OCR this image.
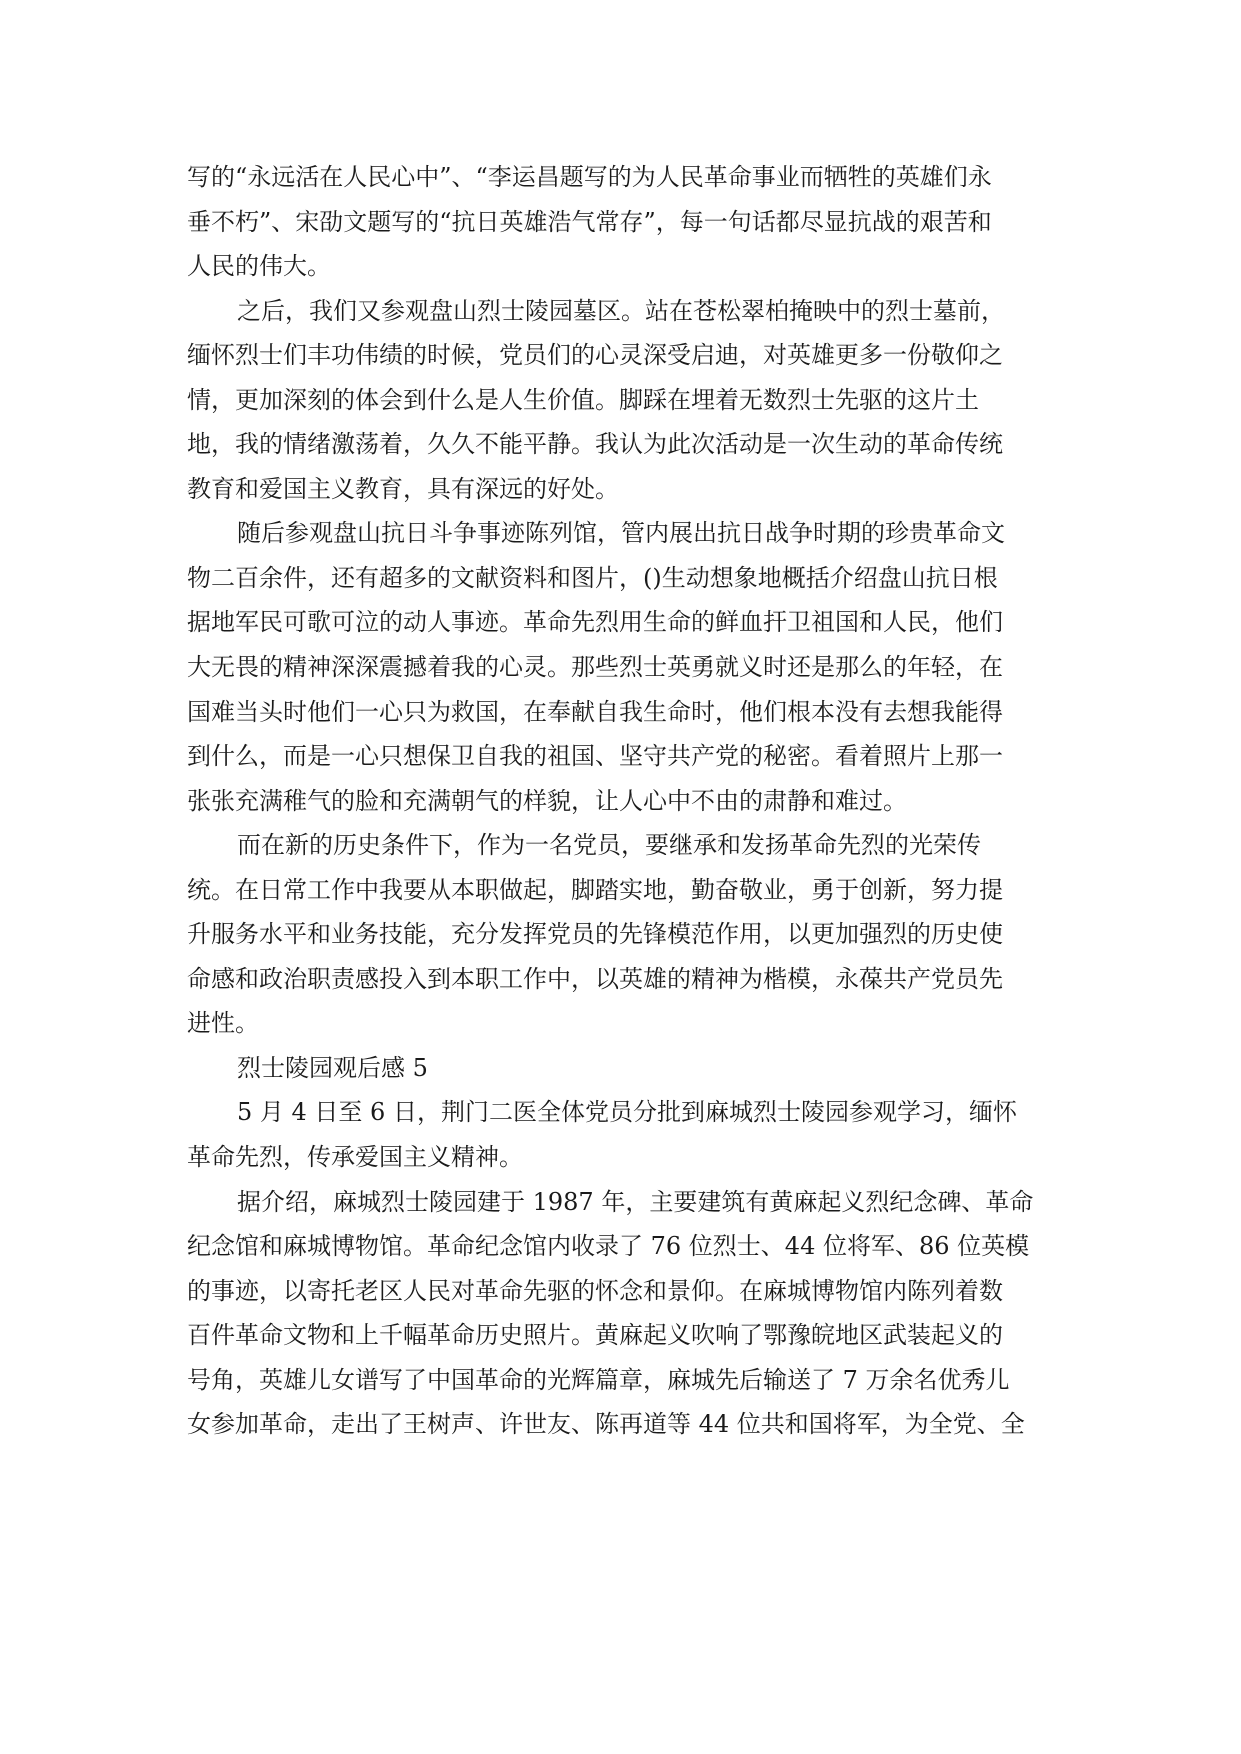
写的“永远活在人民心中”、“李运昌题写的为人民革命事业而牺牲的英雄们永
垂不朽”、宋劭文题写的“抗日英雄浩气常存”，每一句话都尽显抗战的艰苦和
人民的伟大。
之后，我们又参观盘山烈士陵园墓区。站在苍松翠柏掩映中的烈士墓前，
缅怀烈士们丰功伟绩的时候，党员们的心灵深受启迪，对英雄更多一份敬仰之
情，更加深刻的体会到什么是人生价值。脚踩在埋着无数烈士先驱的这片土
地，我的情绪激荡着，久久不能平静。我认为此次活动是一次生动的革命传统
教育和爱国主义教育，具有深远的好处。
随后参观盘山抗日斗争事迹陈列馆，管内展出抗日战争时期的珍贵革命文
物二百余件，还有超多的文献资料和图片，()生动想象地概括介绍盘山抗日根
据地军民可歌可泣的动人事迹。革命先烈用生命的鲜血扞卫祖国和人民，他们
大无畏的精神深深震撼着我的心灵。那些烈士英勇就义时还是那么的年轻，在
国难当头时他们一心只为救国，在奉献自我生命时，他们根本没有去想我能得
到什么，而是一心只想保卫自我的祖国、坚守共产党的秘密。看着照片上那一
张张充满稚气的脸和充满朝气的样貌，让人心中不由的肃静和难过。
而在新的历史条件下，作为一名党员，要继承和发扬革命先烈的光荣传
统。在日常工作中我要从本职做起，脚踏实地，勤奋敬业，勇于创新，努力提
升服务水平和业务技能，充分发挥党员的先锋模范作用，以更加强烈的历史使
命感和政治职责感投入到本职工作中，以英雄的精神为楷模，永葆共产党员先
进性。
烈士陵园观后感 5
5 月 4 日至 6 日，荆门二医全体党员分批到麻城烈士陵园参观学习，缅怀
革命先烈，传承爱国主义精神。
据介绍，麻城烈士陵园建于 1987 年，主要建筑有黄麻起义烈纪念碑、革命
纪念馆和麻城博物馆。革命纪念馆内收录了 76 位烈士、44 位将军、86 位英模
的事迹，以寄托老区人民对革命先驱的怀念和景仰。在麻城博物馆内陈列着数
百件革命文物和上千幅革命历史照片。黄麻起义吹响了鄂豫皖地区武装起义的
号角，英雄儿女谱写了中国革命的光辉篇章，麻城先后输送了 7 万余名优秀儿
女参加革命，走出了王树声、许世友、陈再道等 44 位共和国将军，为全党、全
